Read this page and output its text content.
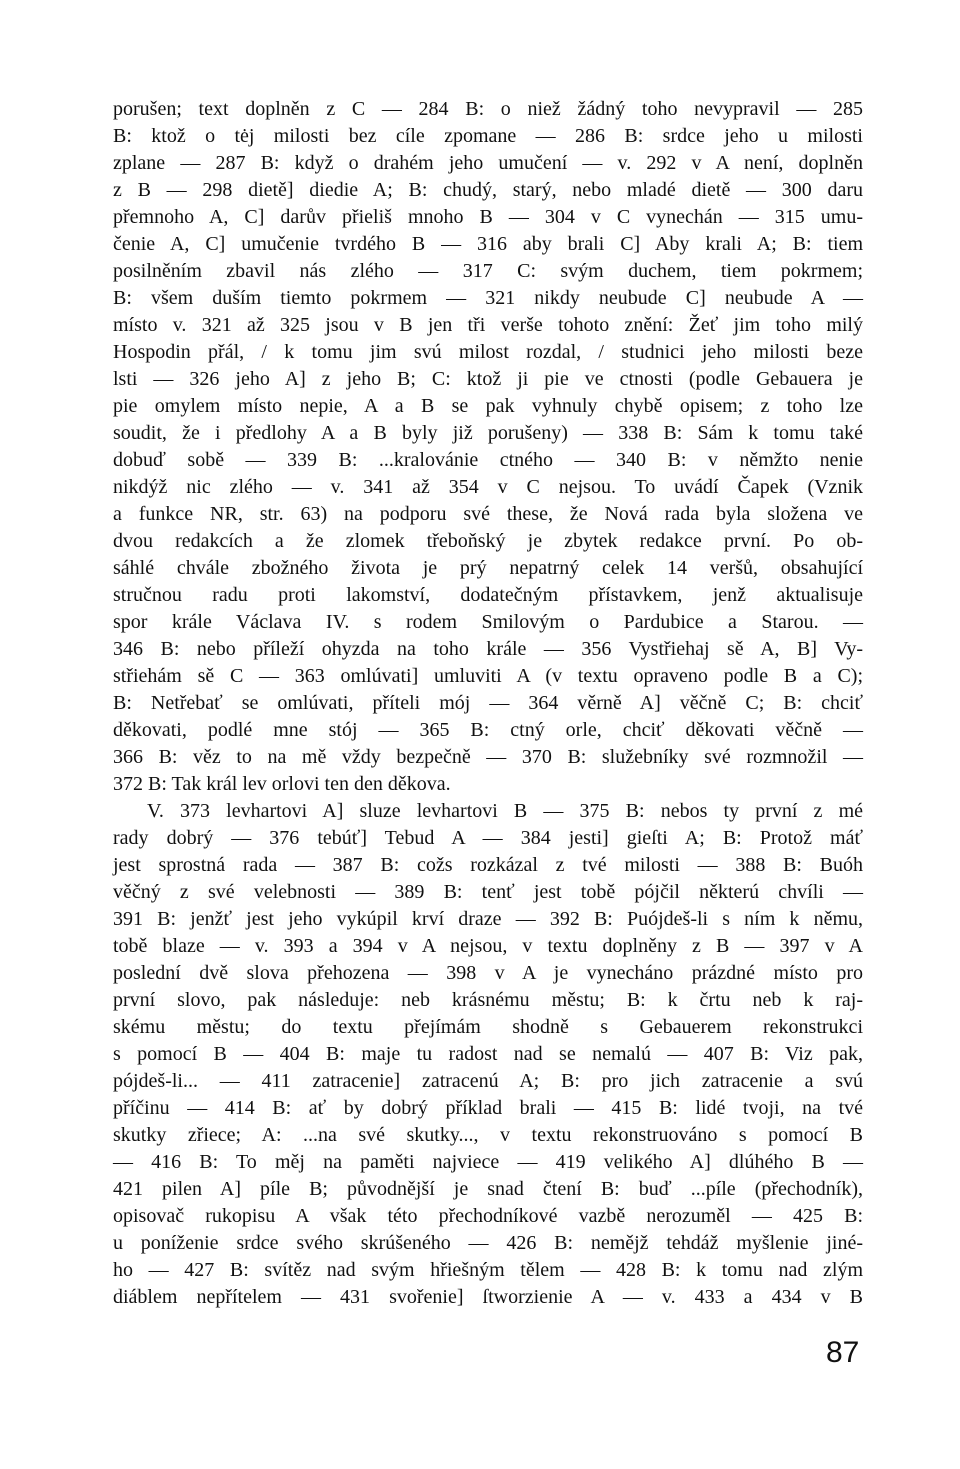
porušen; text doplněn z C — 284 B: o niež žádný toho nevypravil — 285
B: ktož o tėj milosti bez cíle zpomane — 286 B: srdce jeho u milosti
zplane — 287 B: když o drahém jeho umučení — v. 292 v A není, doplněn
z B — 298 dietě] diedie A; B: chudý, starý, nebo mladé dietě — 300 daru
přemnoho A, C] darův přieliš mnoho B — 304 v C vynechán — 315 umu-
čenie A, C] umučenie tvrdého B — 316 aby brali C] Aby krali A; B: tiem
posilněním zbavil nás zlého — 317 C: svým duchem, tiem pokrmem;
B: všem duším tiemto pokrmem — 321 nikdy neubude C] neubude A —
místo v. 321 až 325 jsou v B jen tři verše tohoto znění: Žeť jim toho milý
Hospodin přál, / k tomu jim svú milost rozdal, / studnici jeho milosti beze
lsti — 326 jeho A] z jeho B; C: ktož ji pie ve ctnosti (podle Gebauera je
pie omylem místo nepie, A a B se pak vyhnuly chybě opisem; z toho lze
soudit, že i předlohy A a B byly již porušeny) — 338 B: Sám k tomu také
dobuď sobě — 339 B: ...kralovánie ctného — 340 B: v němžto nenie
nikdýž nic zlého — v. 341 až 354 v C nejsou. To uvádí Čapek (Vznik
a funkce NR, str. 63) na podporu své these, že Nová rada byla složena ve
dvou redakcích a že zlomek třeboňský je zbytek redakce první. Po ob-
sáhlé chvále zbožného života je prý nepatrný celek 14 veršů, obsahující
stručnou radu proti lakomství, dodatečným přístavkem, jenž aktualisuje
spor krále Václava IV. s rodem Smilovým o Pardubice a Starou. —
346 B: nebo příleží ohyzda na toho krále — 356 Vystřiehaj sě A, B] Vy-
střiehám sě C — 363 omlúvati] umluviti A (v textu opraveno podle B a C);
B: Netřebať se omlúvati, příteli mój — 364 věrně A] věčně C; B: chciť
děkovati, podlé mne stój — 365 B: ctný orle, chciť děkovati věčně —
366 B: věz to na mě vždy bezpečně — 370 B: služebníky své rozmnožil —
372 B: Tak král lev orlovi ten den děkova.
V. 373 levhartovi A] sluze levhartovi B — 375 B: nebos ty první z mé
rady dobrý — 376 tebúť] Tebud A — 384 jesti] gieſti A; B: Protož máť
jest sprostná rada — 387 B: cožs rozkázal z tvé milosti — 388 B: Buóh
věčný z své velebnosti — 389 B: tenť jest tobě pójčil některú chvíli —
391 B: jenžť jest jeho vykúpil krví draze — 392 B: Puójdeš-li s ním k němu,
tobě blaze — v. 393 a 394 v A nejsou, v textu doplněny z B — 397 v A
poslední dvě slova přehozena — 398 v A je vynecháno prázdné místo pro
první slovo, pak následuje: neb krásnému městu; B: k črtu neb k raj-
skému městu; do textu přejímám shodně s Gebauerem rekonstrukci
s pomocí B — 404 B: maje tu radost nad se nemalú — 407 B: Viz pak,
pójdeš-li... — 411 zatracenie] zatracenú A; B: pro jich zatracenie a svú
příčinu — 414 B: ať by dobrý příklad brali — 415 B: lidé tvoji, na tvé
skutky zřiece; A: ...na své skutky..., v textu rekonstruováno s pomocí B
— 416 B: To měj na paměti najviece — 419 velikého A] dlúhého B —
421 pilen A] píle B; původnější je snad čtení B: buď ...píle (přechodník),
opisovač rukopisu A však této přechodníkové vazbě nerozuměl — 425 B:
u poníženie srdce svého skrúšeného — 426 B: nemějž tehdáž myšlenie jiné-
ho — 427 B: svítěz nad svým hřiešným tělem — 428 B: k tomu nad zlým
diáblem nepřítelem — 431 svořenie] ſtworzienie A — v. 433 a 434 v B
87
